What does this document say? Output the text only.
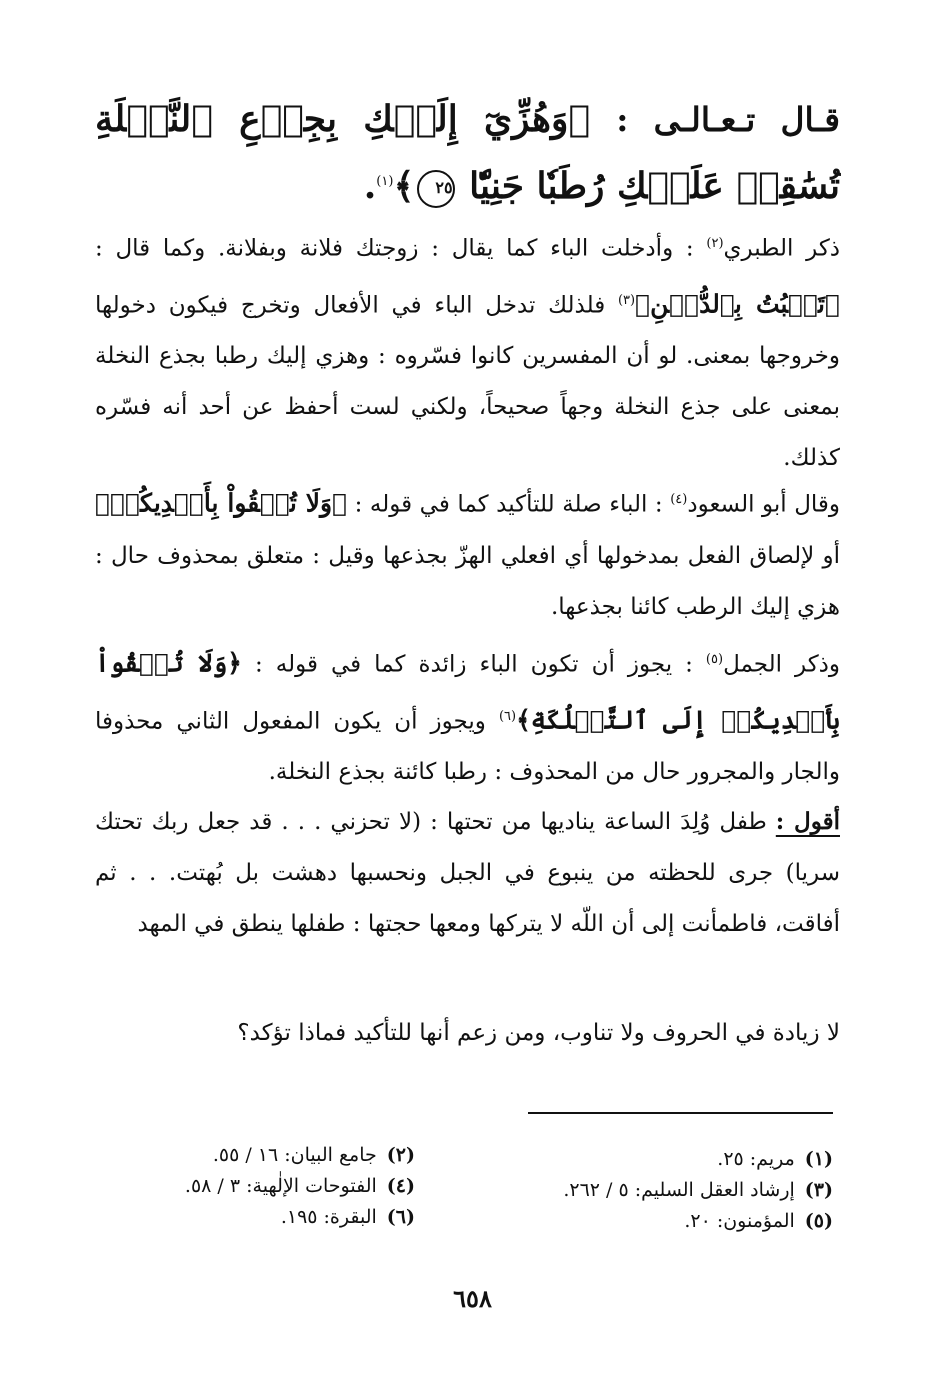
قـال تـعـالـى : ﴿وَهُزِّيٓ إِلَيۡكِ بِجِذۡعِ ٱلنَّخۡلَةِ تُسَٰقِطۡ عَلَيۡكِ رُطَبٗا جَنِيّٗا ٢٥﴾$^{(١)}$.
ذكر الطبري$^{(٢)}$ : وأدخلت الباء كما يقال : زوجتك فلانة وبفلانة. وكما قال : ﴿تَنۢبُتُ بِٱلدُّهۡنِ﴾$^{(٣)}$ فلذلك تدخل الباء في الأفعال وتخرج فيكون دخولها وخروجها بمعنى. لو أن المفسرين كانوا فسّروه : وهزي إليك رطبا بجذع النخلة بمعنى على جذع النخلة وجهاً صحيحاً، ولكني لست أحفظ عن أحد أنه فسّره كذلك.
وقال أبو السعود$^{(٤)}$ : الباء صلة للتأكيد كما في قوله : ﴿وَلَا تُلۡقُواْ بِأَيۡدِيكُمۡ﴾ أو لإلصاق الفعل بمدخولها أي افعلي الهزّ بجذعها وقيل : متعلق بمحذوف حال : هزي إليك الرطب كائنا بجذعها.
وذكر الجمل$^{(٥)}$ : يجوز أن تكون الباء زائدة كما في قوله : ﴿وَلَا تُلۡقُواْ بِأَيۡدِيكُمۡ إِلَى ٱلتَّهۡلُكَةِ﴾$^{(٦)}$ ويجوز أن يكون المفعول الثاني محذوفا والجار والمجرور حال من المحذوف : رطبا كائنة بجذع النخلة.
أقول : طفل وُلِدَ الساعة يناديها من تحتها : (لا تحزني . . . قد جعل ربك تحتك سريا) جرى للحظته من ينبوع في الجبل ونحسبها دهشت بل بُهتت. . . ثم أفاقت، فاطمأنت إلى أن اللّه لا يتركها ومعها حجتها : طفلها ينطق في المهد
لا زيادة في الحروف ولا تناوب، ومن زعم أنها للتأكيد فماذا تؤكد؟
(١)مريم: ٢٥.
(٣)إرشاد العقل السليم: ٥ / ٢٦٢.
(٥)المؤمنون: ٢٠.
(٢)جامع البيان: ١٦ / ٥٥.
(٤)الفتوحات الإلٰهية: ٣ / ٥٨.
(٦)البقرة: ١٩٥.
٦٥٨
